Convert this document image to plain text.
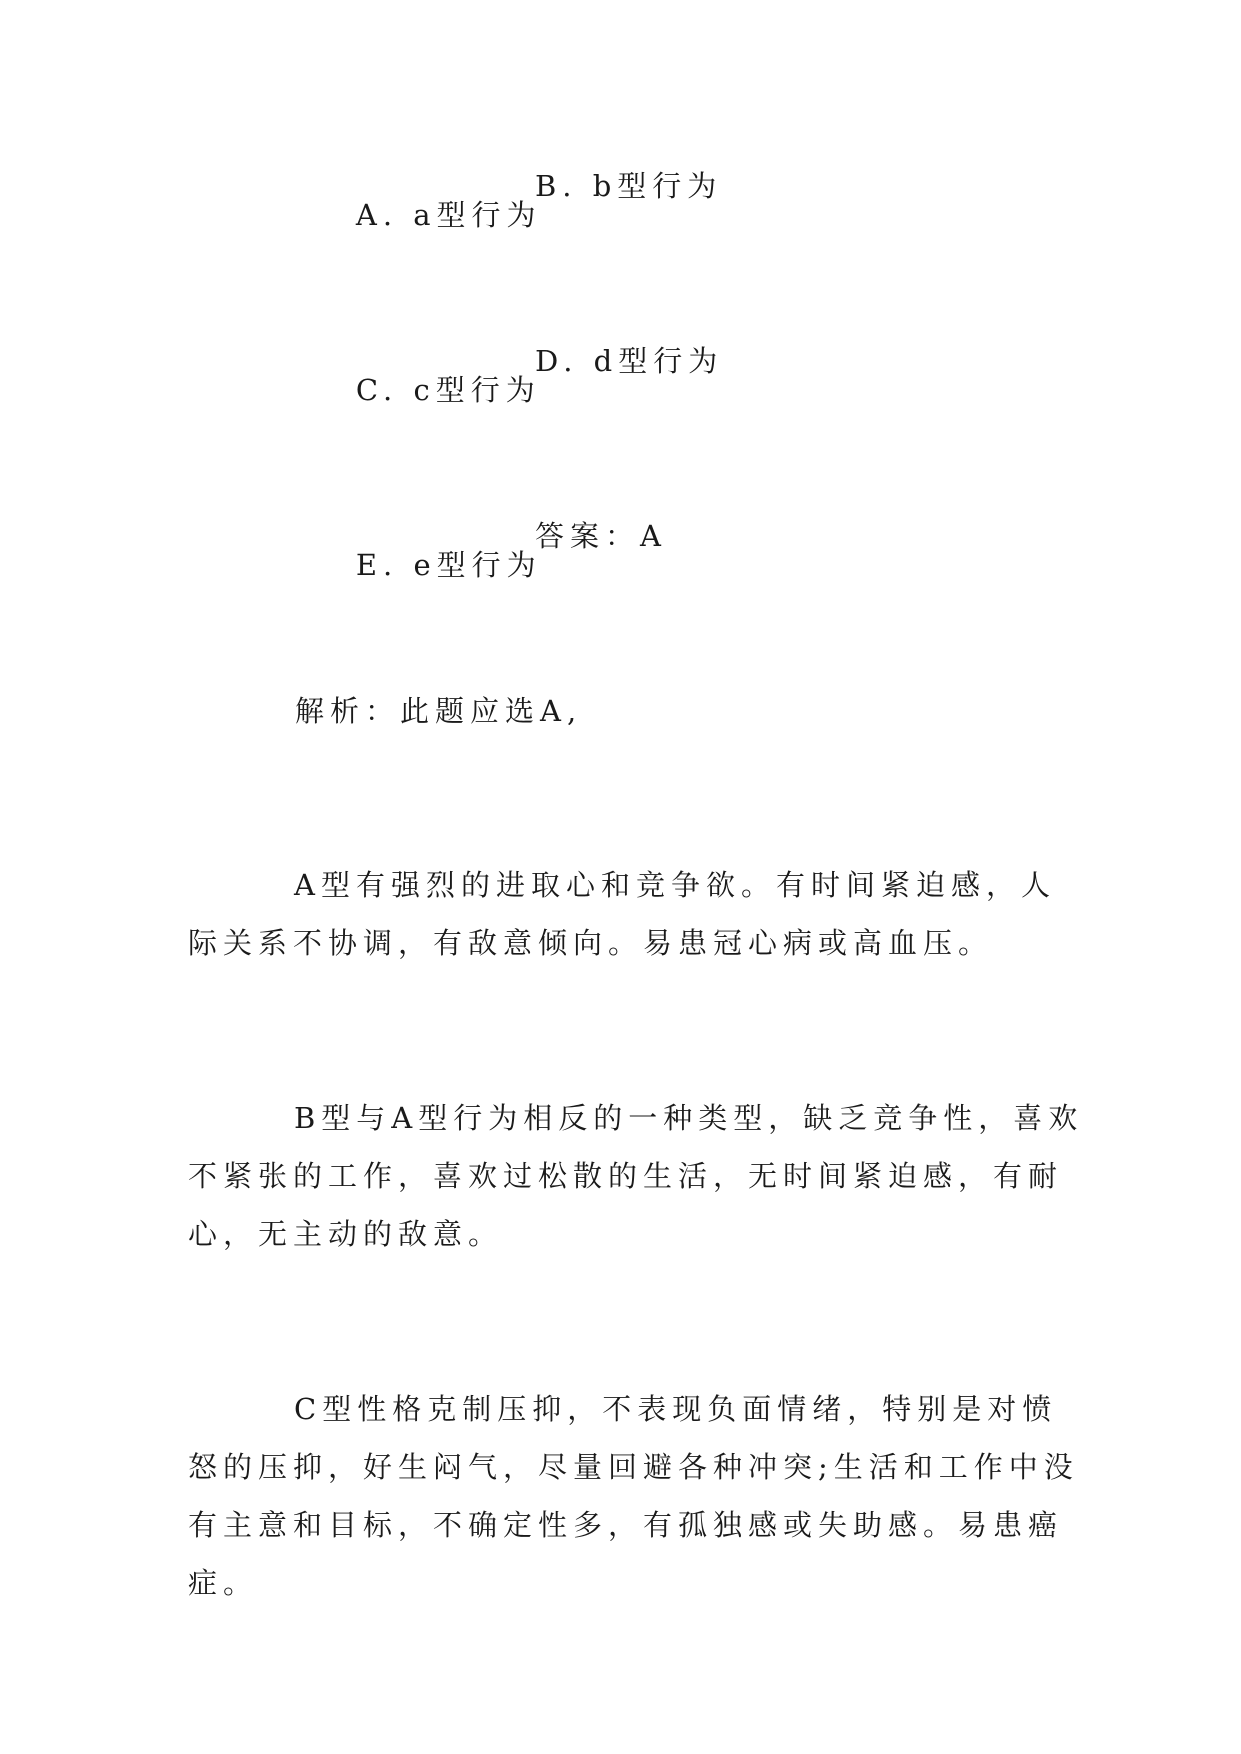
A. a型行为

B. b型行为

C. c型行为

D. d型行为

E. e型行为

答案：A

解析：此题应选A,
A型有强烈的进取心和竞争欲。有时间紧迫感，人际关系不协调，有敌意倾向。易患冠心病或高血压。
B型与A型行为相反的一种类型，缺乏竞争性，喜欢不紧张的工作，喜欢过松散的生活，无时间紧迫感，有耐心，无主动的敌意。
C型性格克制压抑，不表现负面情绪，特别是对愤怒的压抑，好生闷气，尽量回避各种冲突;生活和工作中没有主意和目标，不确定性多，有孤独感或失助感。易患癌症。
